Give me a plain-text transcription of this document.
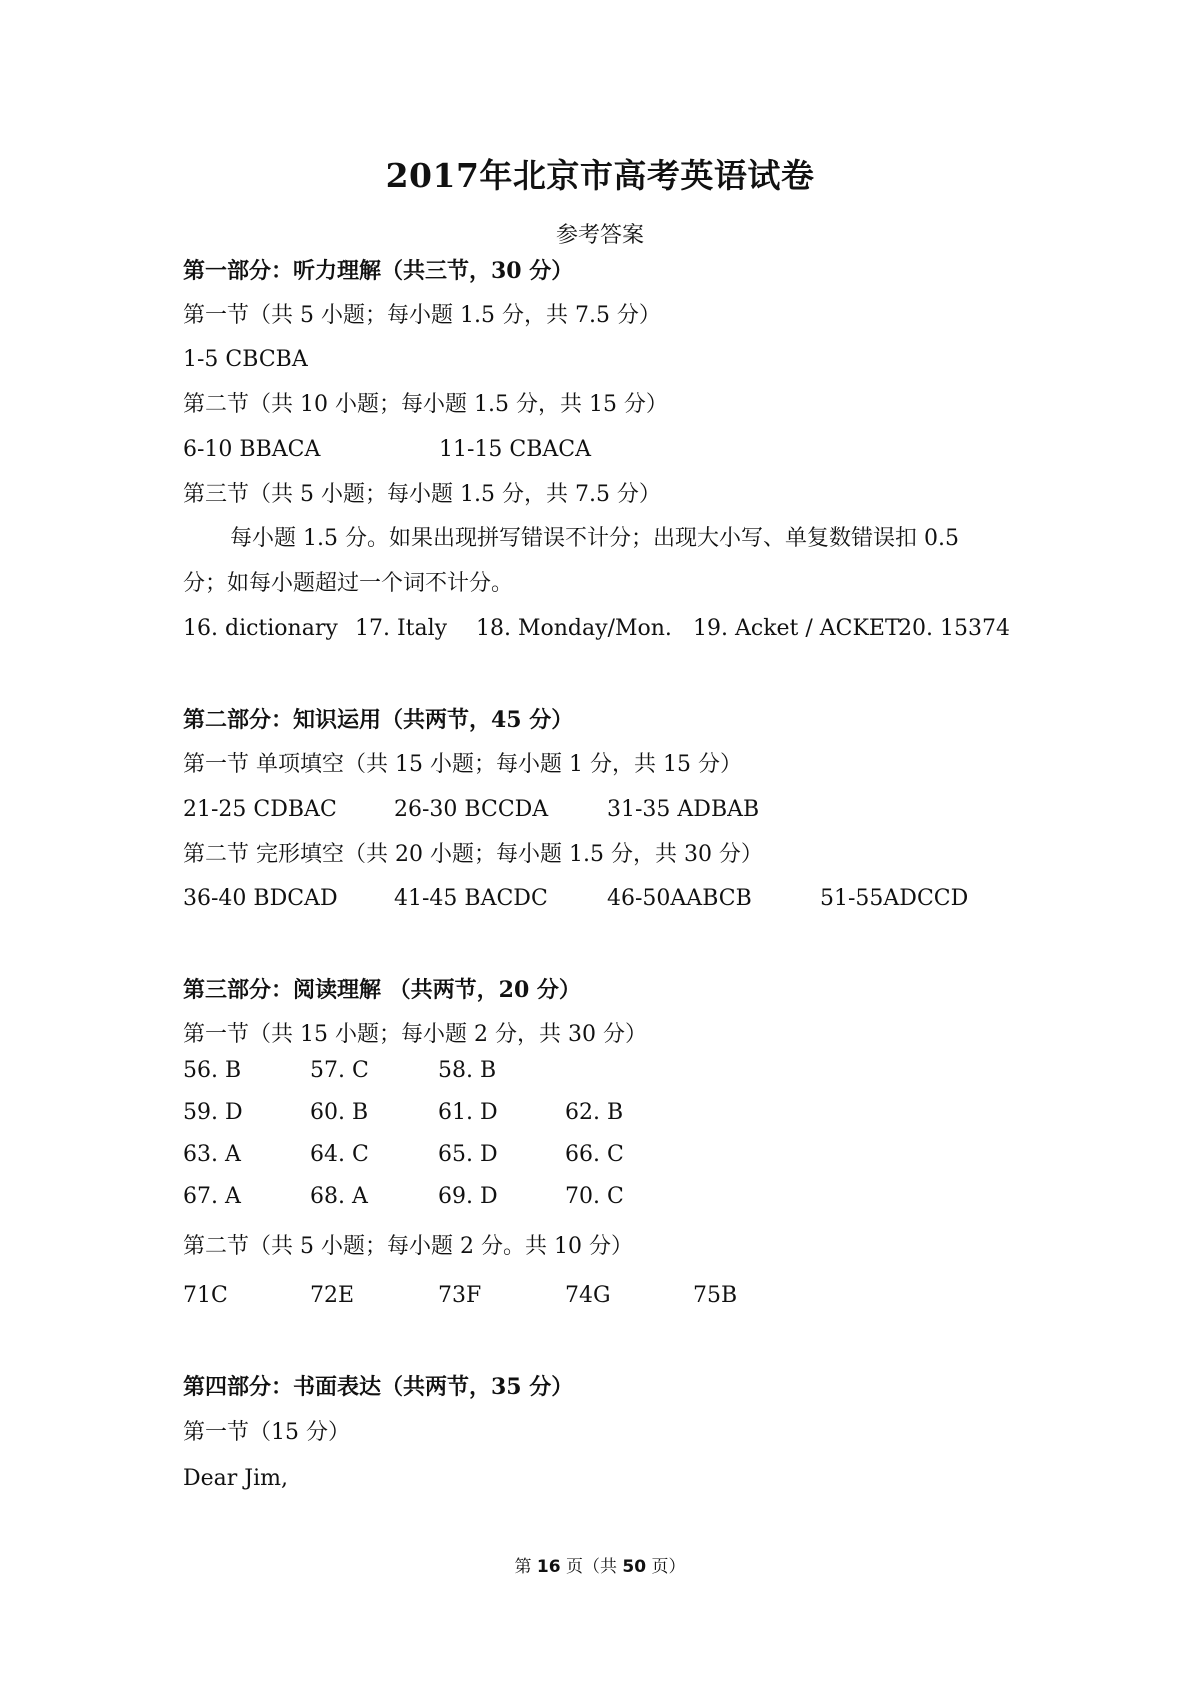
2017年北京市高考英语试卷
参考答案
第一部分：听力理解（共三节，30 分）
第一节（共 5 小题；每小题 1.5 分，共 7.5 分）
1-5 CBCBA
第二节（共 10 小题；每小题 1.5 分，共 15 分）
6-10 BBACA	11-15 CBACA
第三节（共 5 小题；每小题 1.5 分，共 7.5 分）
每小题 1.5 分。如果出现拼写错误不计分；出现大小写、单复数错误扣 0.5
分；如每小题超过一个词不计分。
16. dictionary 17. Italy 18. Monday/Mon. 19. Acket / ACKET
20. 15374
第二部分：知识运用（共两节，45 分）
第一节 单项填空（共 15 小题；每小题 1 分，共 15 分）
21-25 CDBAC	26-30 BCCDA	31-35 ADBAB
第二节 完形填空（共 20 小题；每小题 1.5 分，共 30 分）
36-40 BDCAD	41-45 BACDC	46-50AABCB	51-55ADCCD
第三部分：阅读理解 （共两节，20 分）
第一节（共 15 小题；每小题 2 分，共 30 分）
56. B	57. C	58. B
59. D	60. B	61. D	62. B
63. A	64. C	65. D	66. C
67. A	68. A	69. D	70. C
第二节（共 5 小题；每小题 2 分。共 10 分）
71C	72E	73F	74G	75B
第四部分：书面表达（共两节，35 分）
第一节（15 分）
Dear Jim,
第 16 页（共 50 页）
